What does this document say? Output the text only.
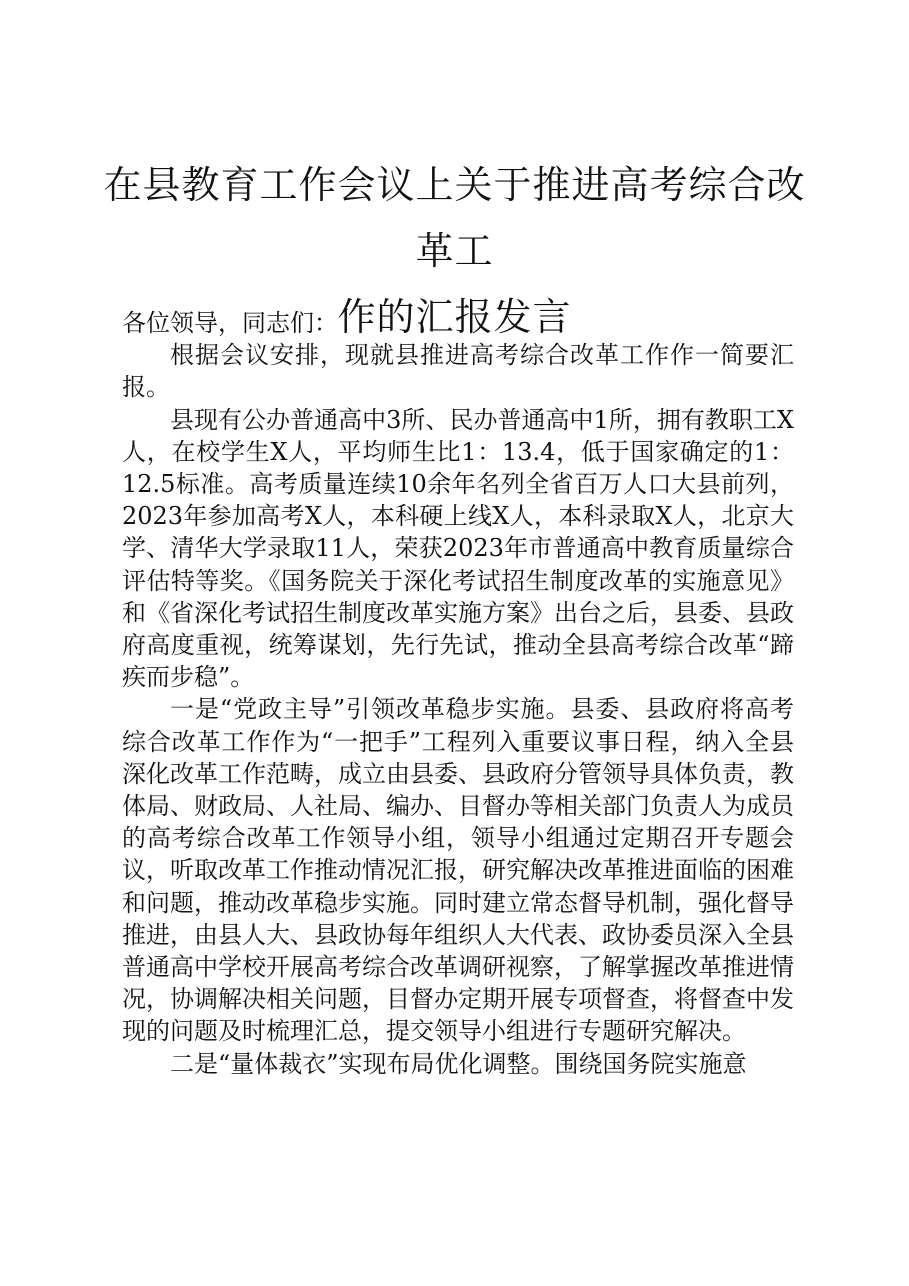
在县教育工作会议上关于推进高考综合改革工
作的汇报发言

各位领导，同志们：

根据会议安排，现就县推进高考综合改革工作作一简要汇报。

县现有公办普通高中3所、民办普通高中1所，拥有教职工X人，在校学生X人，平均师生比1：13.4，低于国家确定的1：12.5标准。高考质量连续10余年名列全省百万人口大县前列，2023年参加高考X人，本科硬上线X人，本科录取X人，北京大学、清华大学录取11人，荣获2023年市普通高中教育质量综合评估特等奖。《国务院关于深化考试招生制度改革的实施意见》和《省深化考试招生制度改革实施方案》出台之后，县委、县政府高度重视，统筹谋划，先行先试，推动全县高考综合改革“蹄疾而步稳”。

一是“党政主导”引领改革稳步实施。县委、县政府将高考综合改革工作作为“一把手”工程列入重要议事日程，纳入全县深化改革工作范畴，成立由县委、县政府分管领导具体负责，教体局、财政局、人社局、编办、目督办等相关部门负责人为成员的高考综合改革工作领导小组，领导小组通过定期召开专题会议，听取改革工作推动情况汇报，研究解决改革推进面临的困难和问题，推动改革稳步实施。同时建立常态督导机制，强化督导推进，由县人大、县政协每年组织人大代表、政协委员深入全县普通高中学校开展高考综合改革调研视察，了解掌握改革推进情况，协调解决相关问题，目督办定期开展专项督查，将督查中发现的问题及时梳理汇总，提交领导小组进行专题研究解决。

二是“量体裁衣”实现布局优化调整。围绕国务院实施意
